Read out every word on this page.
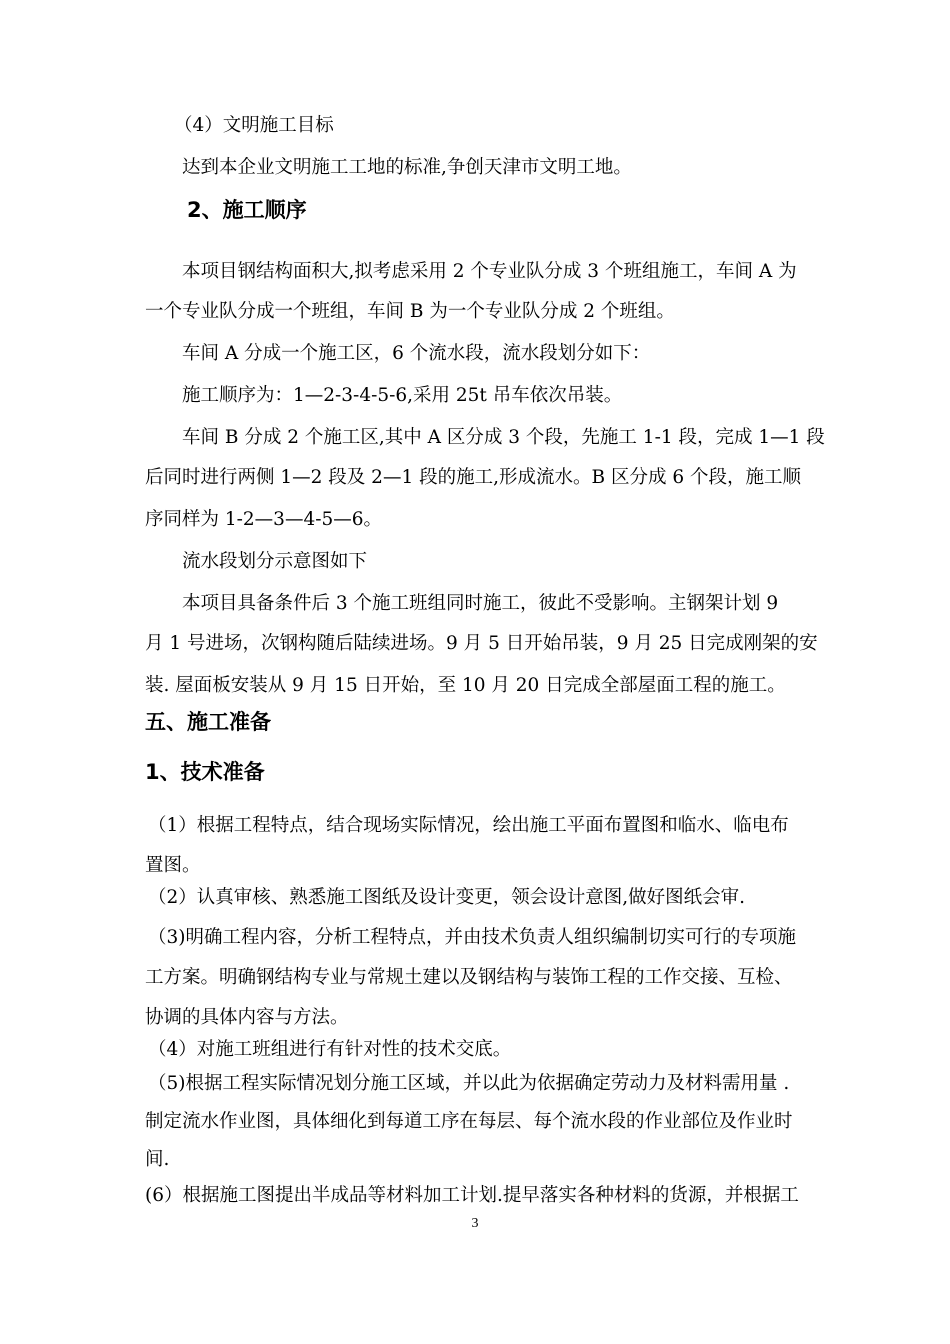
（4）文明施工目标
达到本企业文明施工工地的标准,争创天津市文明工地。
2、施工顺序
本项目钢结构面积大,拟考虑采用 2 个专业队分成 3 个班组施工，车间 A 为
一个专业队分成一个班组，车间 B 为一个专业队分成 2 个班组。
车间 A 分成一个施工区，6 个流水段，流水段划分如下：
施工顺序为：1—2-3-4-5-6,采用 25t 吊车依次吊装。
车间 B 分成 2 个施工区,其中 A 区分成 3 个段，先施工 1-1 段，完成 1—1 段
后同时进行两侧 1—2 段及 2—1 段的施工,形成流水。B 区分成 6 个段，施工顺
序同样为 1-2—3—4-5—6。
流水段划分示意图如下
本项目具备条件后 3 个施工班组同时施工，彼此不受影响。主钢架计划 9
月 1 号进场，次钢构随后陆续进场。9 月 5 日开始吊装，9 月 25 日完成刚架的安
装. 屋面板安装从 9 月 15 日开始，至 10 月 20 日完成全部屋面工程的施工。
五、施工准备
1、技术准备
（1）根据工程特点，结合现场实际情况，绘出施工平面布置图和临水、临电布
置图。
（2）认真审核、熟悉施工图纸及设计变更，领会设计意图,做好图纸会审.
（3)明确工程内容，分析工程特点，并由技术负责人组织编制切实可行的专项施
工方案。明确钢结构专业与常规土建以及钢结构与装饰工程的工作交接、互检、
协调的具体内容与方法。
（4）对施工班组进行有针对性的技术交底。
（5)根据工程实际情况划分施工区域，并以此为依据确定劳动力及材料需用量 .
制定流水作业图，具体细化到每道工序在每层、每个流水段的作业部位及作业时
间.
(6）根据施工图提出半成品等材料加工计划.提早落实各种材料的货源，并根据工
3
